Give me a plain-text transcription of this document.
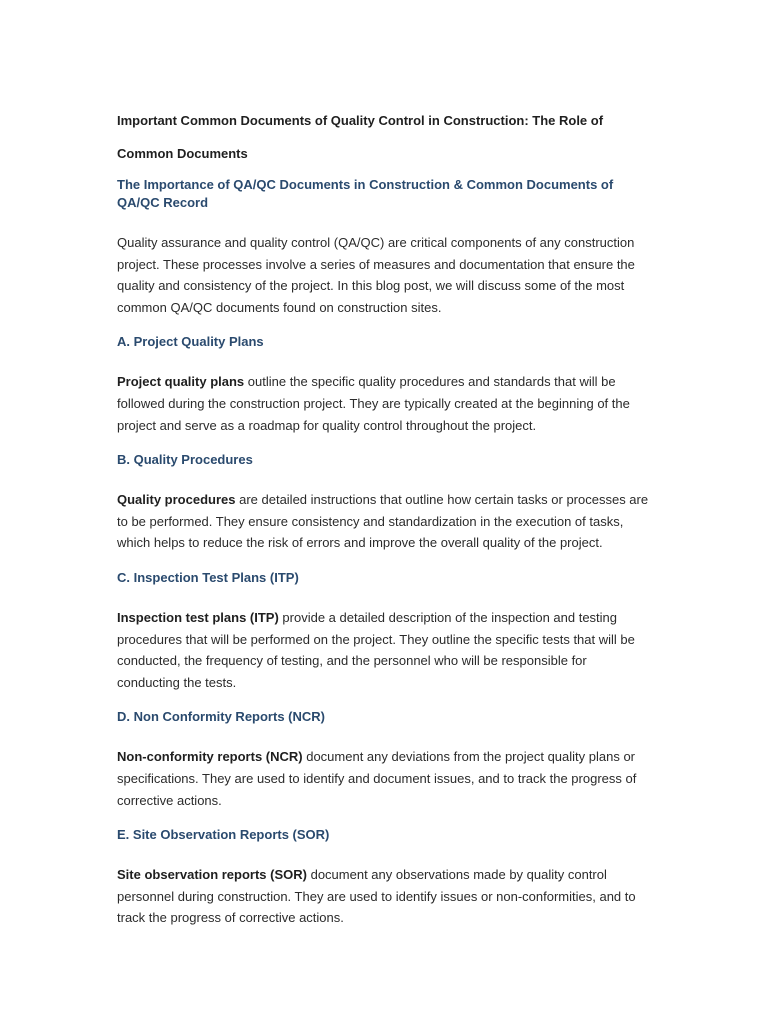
Important Common Documents of Quality Control in Construction: The Role of Common Documents

The Importance of QA/QC Documents in Construction & Common Documents of QA/QC Record

Quality assurance and quality control (QA/QC) are critical components of any construction project. These processes involve a series of measures and documentation that ensure the quality and consistency of the project. In this blog post, we will discuss some of the most common QA/QC documents found on construction sites.

A. Project Quality Plans

Project quality plans outline the specific quality procedures and standards that will be followed during the construction project. They are typically created at the beginning of the project and serve as a roadmap for quality control throughout the project.

B. Quality Procedures

Quality procedures are detailed instructions that outline how certain tasks or processes are to be performed. They ensure consistency and standardization in the execution of tasks, which helps to reduce the risk of errors and improve the overall quality of the project.

C. Inspection Test Plans (ITP)

Inspection test plans (ITP) provide a detailed description of the inspection and testing procedures that will be performed on the project. They outline the specific tests that will be conducted, the frequency of testing, and the personnel who will be responsible for conducting the tests.

D. Non Conformity Reports (NCR)

Non-conformity reports (NCR) document any deviations from the project quality plans or specifications. They are used to identify and document issues, and to track the progress of corrective actions.

E. Site Observation Reports (SOR)

Site observation reports (SOR) document any observations made by quality control personnel during construction. They are used to identify issues or non-conformities, and to track the progress of corrective actions.
